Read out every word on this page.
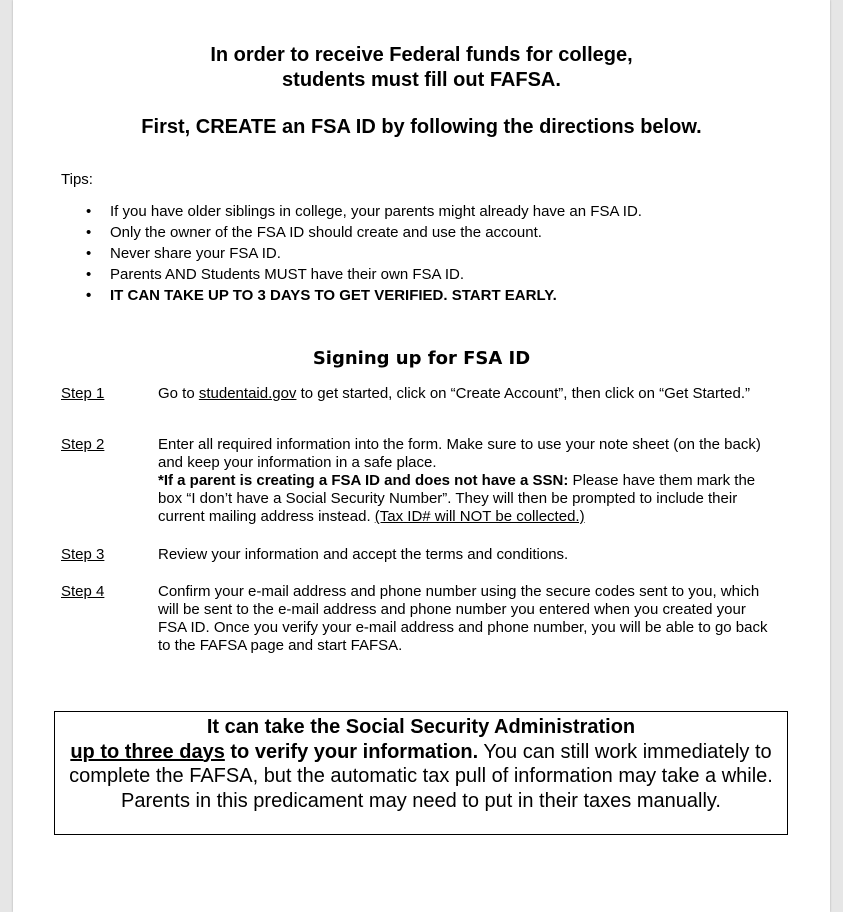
In order to receive Federal funds for college,
students must fill out FAFSA.
First, CREATE an FSA ID by following the directions below.
Tips:
• If you have older siblings in college, your parents might already have an FSA ID.
• Only the owner of the FSA ID should create and use the account.
• Never share your FSA ID.
• Parents AND Students MUST have their own FSA ID.
• IT CAN TAKE UP TO 3 DAYS TO GET VERIFIED. START EARLY.
Signing up for FSA ID
Step 1	Go to studentaid.gov to get started, click on “Create Account”, then click on “Get Started.”
Step 2	Enter all required information into the form. Make sure to use your note sheet (on the back) and keep your information in a safe place.
*If a parent is creating a FSA ID and does not have a SSN: Please have them mark the box “I don’t have a Social Security Number”. They will then be prompted to include their current mailing address instead. (Tax ID# will NOT be collected.)
Step 3	Review your information and accept the terms and conditions.
Step 4	Confirm your e-mail address and phone number using the secure codes sent to you, which will be sent to the e-mail address and phone number you entered when you created your FSA ID. Once you verify your e-mail address and phone number, you will be able to go back to the FAFSA page and start FAFSA.
It can take the Social Security Administration
up to three days to verify your information. You can still work immediately to complete the FAFSA, but the automatic tax pull of information may take a while. Parents in this predicament may need to put in their taxes manually.
